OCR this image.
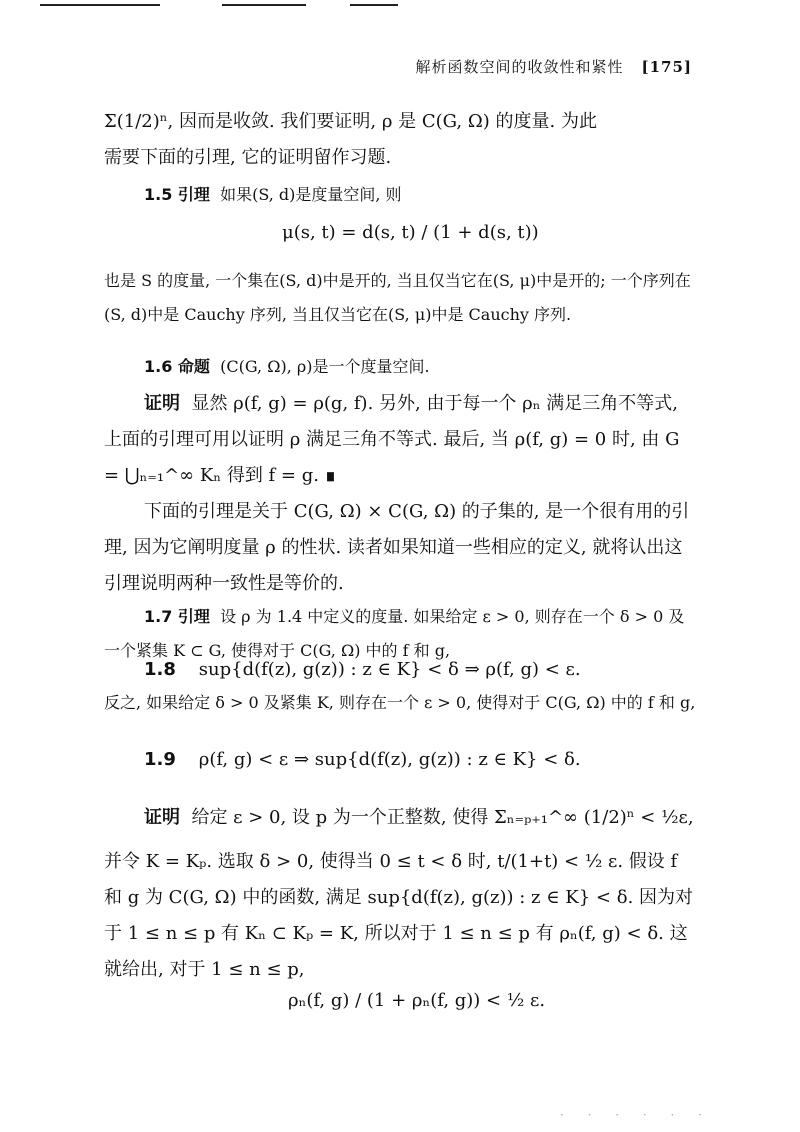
解析函数空间的收敛性和紧性 [175]

Σ(1/2)ⁿ, 因而是收敛. 我们要证明, ρ 是 C(G, Ω) 的度量. 为此

需要下面的引理, 它的证明留作习题.

1.5 引理 如果(S, d)是度量空间, 则

μ(s, t) = d(s, t) / (1 + d(s, t))

也是 S 的度量, 一个集在(S, d)中是开的, 当且仅当它在(S, μ)中是开的; 一个序列在(S, d)中是 Cauchy 序列, 当且仅当它在(S, μ)中是 Cauchy 序列.

1.6 命题 (C(G, Ω), ρ)是一个度量空间.

证明 显然 ρ(f, g) = ρ(g, f). 另外, 由于每一个 ρₙ 满足三角不等式, 上面的引理可用以证明 ρ 满足三角不等式. 最后, 当 ρ(f, g) = 0 时, 由 G = ⋃ₙ₌₁^∞ Kₙ 得到 f = g. ∎

下面的引理是关于 C(G, Ω) × C(G, Ω) 的子集的, 是一个很有用的引理, 因为它阐明度量 ρ 的性状. 读者如果知道一些相应的定义, 就将认出这引理说明两种一致性是等价的.

1.7 引理 设 ρ 为 1.4 中定义的度量. 如果给定 ε > 0, 则存在一个 δ > 0 及一个紧集 K ⊂ G, 使得对于 C(G, Ω) 中的 f 和 g,

1.8 sup{d(f(z), g(z)) : z ∈ K} < δ ⇒ ρ(f, g) < ε.

反之, 如果给定 δ > 0 及紧集 K, 则存在一个 ε > 0, 使得对于 C(G, Ω) 中的 f 和 g,

1.9 ρ(f, g) < ε ⇒ sup{d(f(z), g(z)) : z ∈ K} < δ.

证明 给定 ε > 0, 设 p 为一个正整数, 使得 Σₙ₌ₚ₊₁^∞ (1/2)ⁿ < ½ε,

并令 K = Kₚ. 选取 δ > 0, 使得当 0 ≤ t < δ 时, t/(1+t) < ½ ε. 假设 f 和 g 为 C(G, Ω) 中的函数, 满足 sup{d(f(z), g(z)) : z ∈ K} < δ. 因为对于 1 ≤ n ≤ p 有 Kₙ ⊂ Kₚ = K, 所以对于 1 ≤ n ≤ p 有 ρₙ(f, g) < δ. 这就给出, 对于 1 ≤ n ≤ p,

ρₙ(f, g) / (1 + ρₙ(f, g)) < ½ ε.
· · · · · ·
